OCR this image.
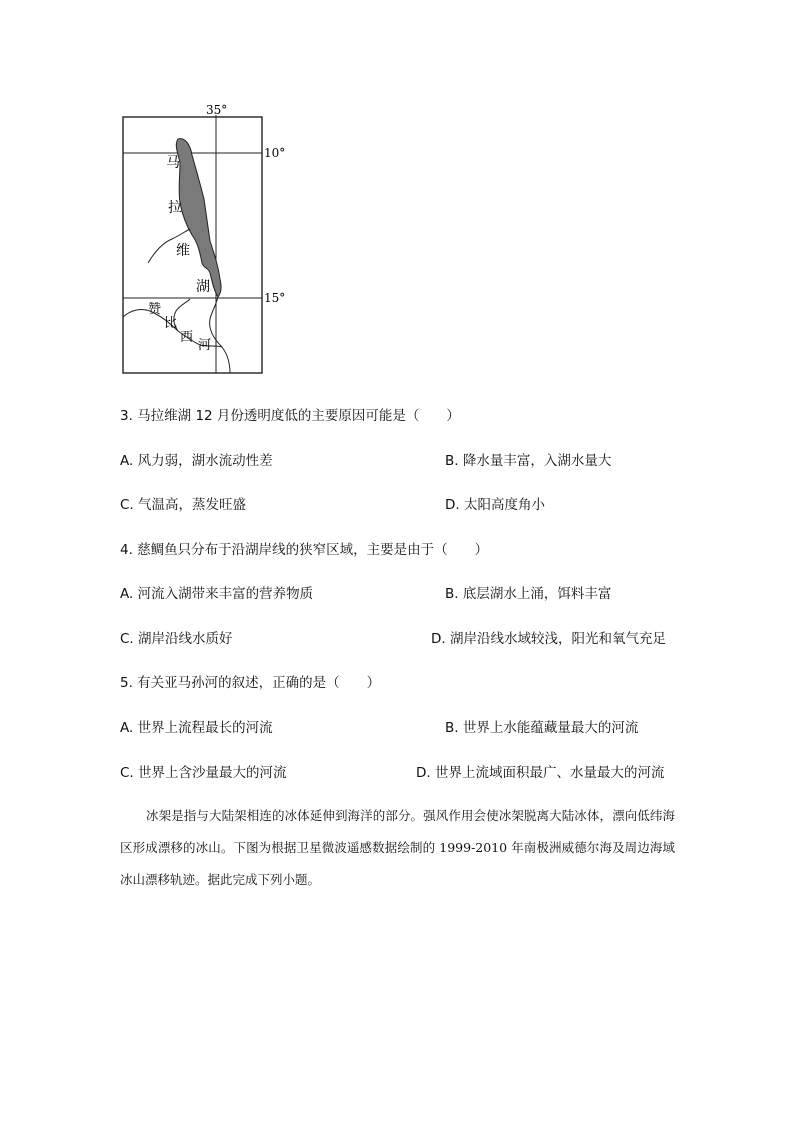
35°
10°
15°
马
拉
维
湖
赞
比
西
河
3. 马拉维湖 12 月份透明度低的主要原因可能是（　　）
A. 风力弱，湖水流动性差	B. 降水量丰富，入湖水量大
C. 气温高，蒸发旺盛	D. 太阳高度角小
4. 慈鲷鱼只分布于沿湖岸线的狭窄区域，主要是由于（　　）
A. 河流入湖带来丰富的营养物质	B. 底层湖水上涌，饵料丰富
C. 湖岸沿线水质好	D. 湖岸沿线水域较浅，阳光和氧气充足
5. 有关亚马孙河的叙述，正确的是（　　）
A. 世界上流程最长的河流	B. 世界上水能蕴藏量最大的河流
C. 世界上含沙量最大的河流	D. 世界上流域面积最广、水量最大的河流

冰架是指与大陆架相连的冰体延伸到海洋的部分。强风作用会使冰架脱离大陆冰体，漂向低纬海区形成漂移的冰山。下图为根据卫星微波遥感数据绘制的 1999-2010 年南极洲威德尔海及周边海域冰山漂移轨迹。据此完成下列小题。
